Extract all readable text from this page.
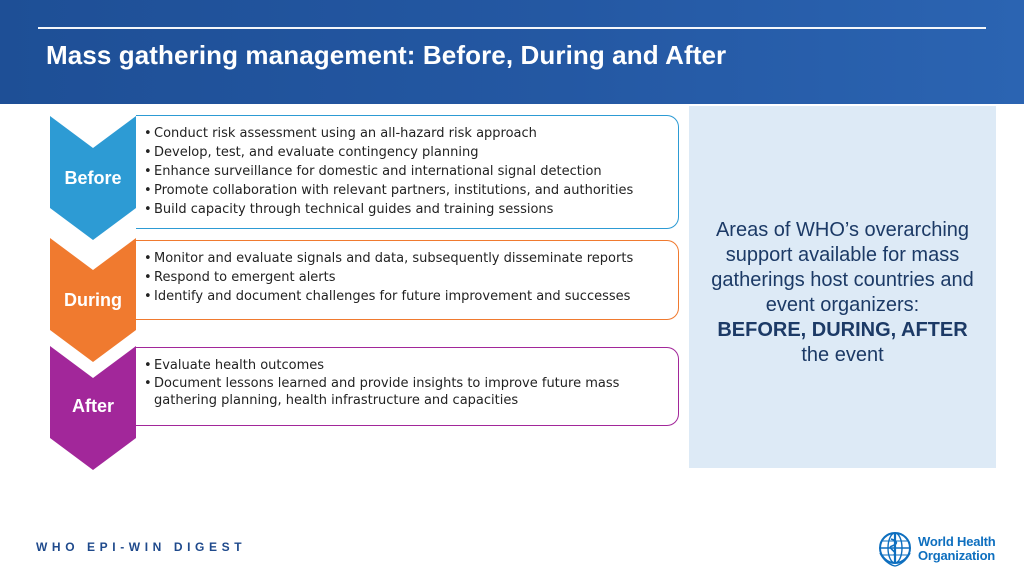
Mass gathering management: Before, During and After
Before
• Conduct risk assessment using an all-hazard risk approach
• Develop, test, and evaluate contingency planning
• Enhance surveillance for domestic and international signal detection
• Promote collaboration with relevant partners, institutions, and authorities
• Build capacity through technical guides and training sessions
During
• Monitor and evaluate signals and data, subsequently disseminate reports
• Respond to emergent alerts
• Identify and document challenges for future improvement and successes
After
• Evaluate health outcomes
• Document lessons learned and provide insights to improve future mass gathering planning, health infrastructure and capacities
Areas of WHO’s overarching support available for mass gatherings host countries and event organizers:
BEFORE, DURING, AFTER
the event
WHO EPI-WIN DIGEST	World Health
Organization
